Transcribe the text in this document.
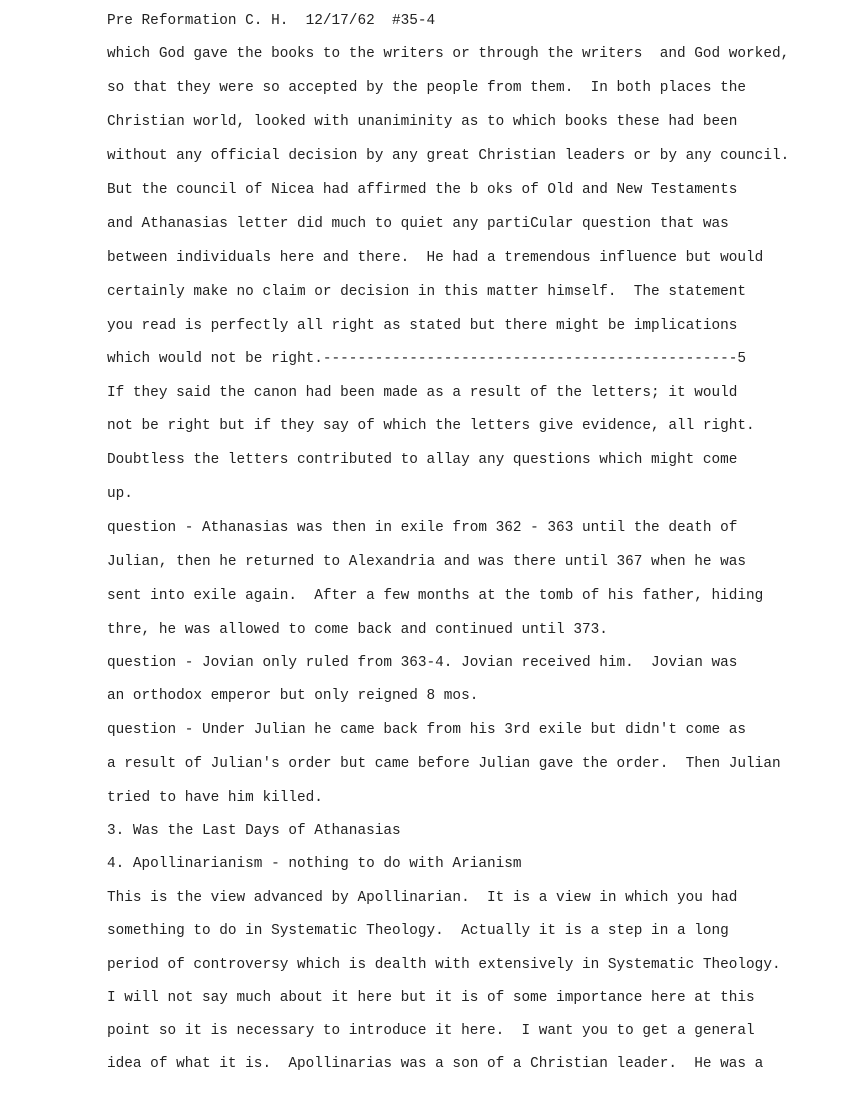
Pre Reformation C. H.  12/17/62  #35-4
which God gave the books to the writers or through the writers  and God worked,
so that they were so accepted by the people from them.  In both places the
Christian world, looked with unaniminity as to which books these had been
without any official decision by any great Christian leaders or by any council.
But the council of Nicea had affirmed the b oks of Old and New Testaments
and Athanasias letter did much to quiet any partiCular question that was
between individuals here and there.  He had a tremendous influence but would
certainly make no claim or decision in this matter himself.  The statement
you read is perfectly all right as stated but there might be implications
which would not be right.------------------------------------------------5
If they said the canon had been made as a result of the letters; it would
not be right but if they say of which the letters give evidence, all right.
Doubtless the letters contributed to allay any questions which might come
up.
question - Athanasias was then in exile from 362 - 363 until the death of
Julian, then he returned to Alexandria and was there until 367 when he was
sent into exile again.  After a few months at the tomb of his father, hiding
thre, he was allowed to come back and continued until 373.
question - Jovian only ruled from 363-4. Jovian received him.  Jovian was
an orthodox emperor but only reigned 8 mos.
question - Under Julian he came back from his 3rd exile but didn't come as
a result of Julian's order but came before Julian gave the order.  Then Julian
tried to have him killed.
3. Was the Last Days of Athanasias
4. Apollinarianism - nothing to do with Arianism
This is the view advanced by Apollinarian.  It is a view in which you had
something to do in Systematic Theology.  Actually it is a step in a long
period of controversy which is dealth with extensively in Systematic Theology.
I will not say much about it here but it is of some importance here at this
point so it is necessary to introduce it here.  I want you to get a general
idea of what it is.  Apollinarias was a son of a Christian leader.  He was a
